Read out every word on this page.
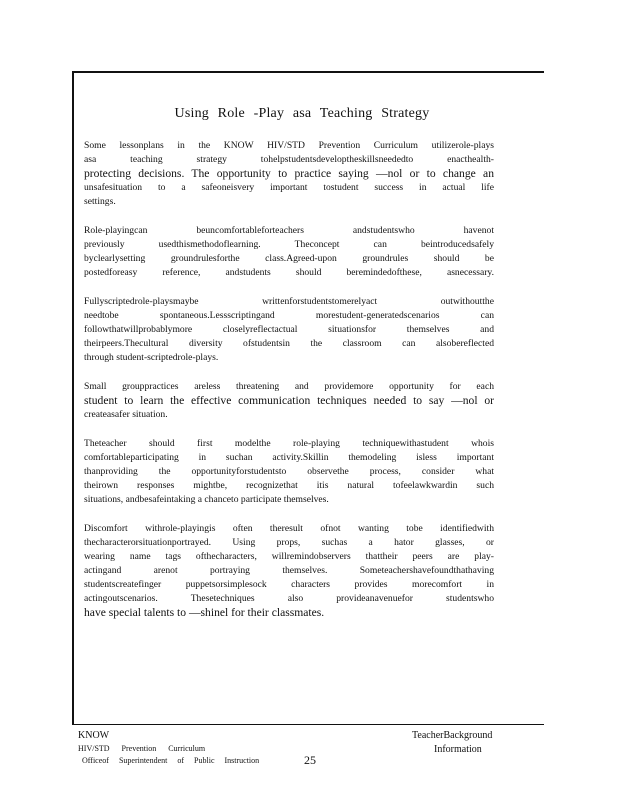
Using Role -Play asa Teaching Strategy

Some lessonplans in the KNOW HIV/STD Prevention Curriculum utilizerole-plays
asa teaching strategy tohelpstudentsdeveloptheskillsneededto enacthealth-
protecting decisions. The opportunity to practice saying —nol or to change an
unsafesituation to a safeoneisvery important tostudent success in actual life
settings.

Role-playingcan beuncomfortableforteachers andstudentswho havenot
previously usedthismethodoflearning. Theconcept can beintroducedsafely
byclearlysetting groundrulesforthe class.Agreed-upon groundrules should be
postedforeasy reference, andstudents should beremindedofthese, asnecessary.

Fullyscriptedrole-playsmaybe writtenforstudentstomerelyact outwithoutthe
needtobe spontaneous.Lessscriptingand morestudent-generatedscenarios can
followthatwillprobablymore closelyreflectactual situationsfor themselves and
theirpeers.Thecultural diversity ofstudentsin the classroom can alsobereflected
through student-scriptedrole-plays.

Small grouppractices areless threatening and providemore opportunity for each
student to learn the effective communication techniques needed to say —nol or
createasafer situation.

Theteacher should first modelthe role-playing techniquewithastudent whois
comfortableparticipating in suchan activity.Skillin themodeling isless important
thanproviding the opportunityforstudentsto observethe process, consider what
theirown responses mightbe, recognizethat itis natural tofeelawkwardin such
situations, andbesafeintaking a chanceto participate themselves.

Discomfort withrole-playingis often theresult ofnot wanting tobe identifiedwith
thecharacterorsituationportrayed. Using props, suchas a hator glasses, or
wearing name tags ofthecharacters, willremindobservers thattheir peers are play-
actingand arenot portraying themselves. Someteachershavefoundthathaving
studentscreatefinger puppetsorsimplesock characters provides morecomfort in
actingoutscenarios. Thesetechniques also provideanavenuefor studentswho
have special talents to —shinel for their classmates.

KNOW
HIV/STD Prevention Curriculum
Officeof Superintendent of Public Instruction	25
TeacherBackground
Information
